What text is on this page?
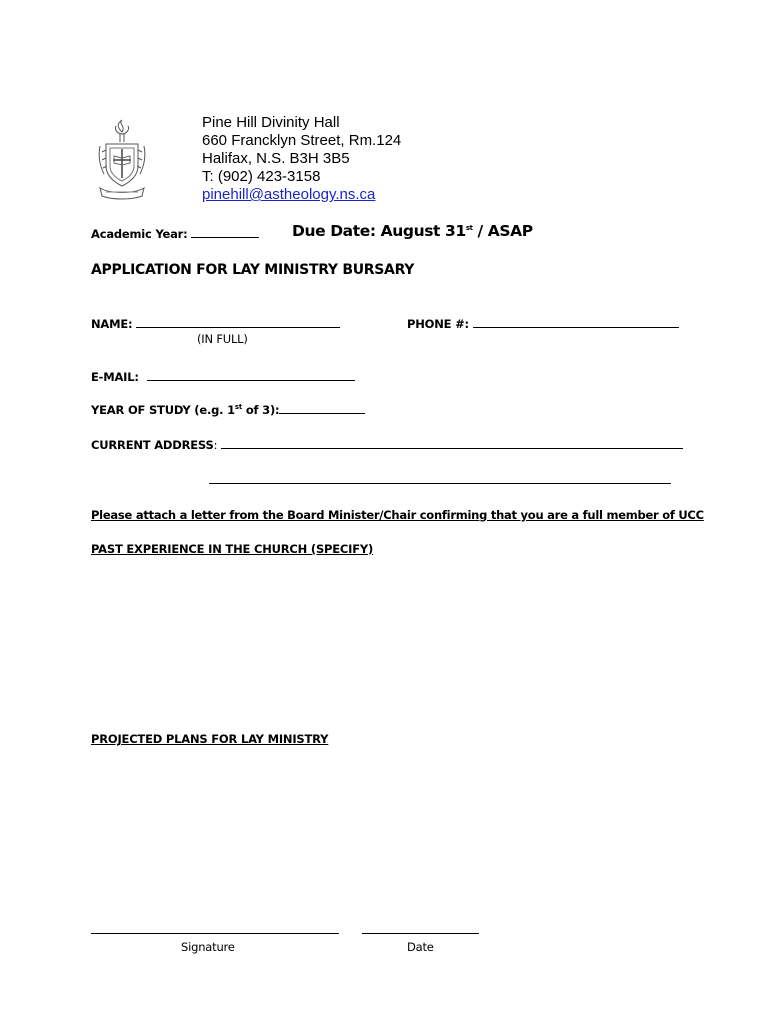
Pine Hill Divinity Hall
660 Francklyn Street, Rm.124
Halifax, N.S. B3H 3B5
T: (902) 423-3158
pinehill@astheology.ns.ca
Academic Year:	Due Date: August 31st / ASAP
APPLICATION FOR LAY MINISTRY BURSARY
NAME:
(IN FULL)
PHONE #:
E-MAIL:
YEAR OF STUDY (e.g. 1st of 3):
CURRENT ADDRESS:
Please attach a letter from the Board Minister/Chair confirming that you are a full member of UCC
PAST EXPERIENCE IN THE CHURCH (SPECIFY)
PROJECTED PLANS FOR LAY MINISTRY
Signature	Date
